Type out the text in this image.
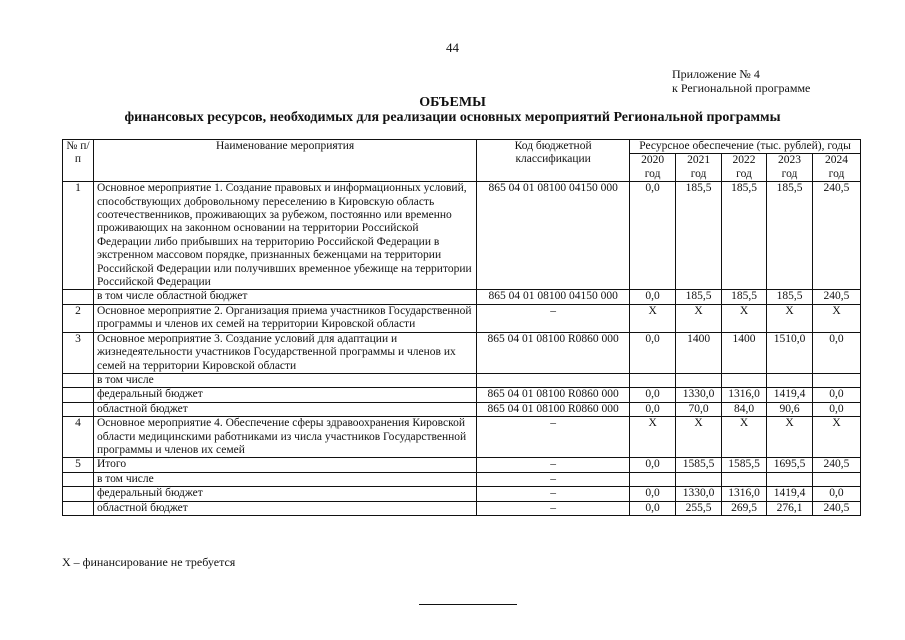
44
Приложение № 4
к Региональной программе
ОБЪЕМЫ
финансовых ресурсов, необходимых для реализации основных мероприятий Региональной программы
№ п/п	Наименование мероприятия	Код бюджетной классификации	Ресурсное обеспечение (тыс. рублей), годы				
			2020 год	2021 год	2022 год	2023 год	2024 год
1	Основное мероприятие 1. Создание правовых и информационных условий, способствующих добровольному переселению в Кировскую область соотечественников, проживающих за рубежом, постоянно или временно проживающих на законном основании на территории Российской Федерации либо прибывших на территорию Российской Федерации в экстренном массовом порядке, признанных беженцами на территории Российской Федерации или получивших временное убежище на территории Российской Федерации	865 04 01 08100 04150 000	0,0	185,5	185,5	185,5	240,5
	в том числе областной бюджет	865 04 01 08100 04150 000	0,0	185,5	185,5	185,5	240,5
2	Основное мероприятие 2. Организация приема участников Государственной программы и членов их семей на территории Кировской области	–	X	X	X	X	X
3	Основное мероприятие 3. Создание условий для адаптации и жизнедеятельности участников Государственной программы и членов их семей на территории Кировской области	865 04 01 08100 R0860 000	0,0	1400	1400	1510,0	0,0
	в том числе						
	федеральный бюджет	865 04 01 08100 R0860 000	0,0	1330,0	1316,0	1419,4	0,0
	областной бюджет	865 04 01 08100 R0860 000	0,0	70,0	84,0	90,6	0,0
4	Основное мероприятие 4. Обеспечение сферы здравоохранения Кировской области медицинскими работниками из числа участников Государственной программы и членов их семей	–	X	X	X	X	X
5	Итого	–	0,0	1585,5	1585,5	1695,5	240,5
	в том числе	–					
	федеральный бюджет	–	0,0	1330,0	1316,0	1419,4	0,0
	областной бюджет	–	0,0	255,5	269,5	276,1	240,5
X – финансирование не требуется
